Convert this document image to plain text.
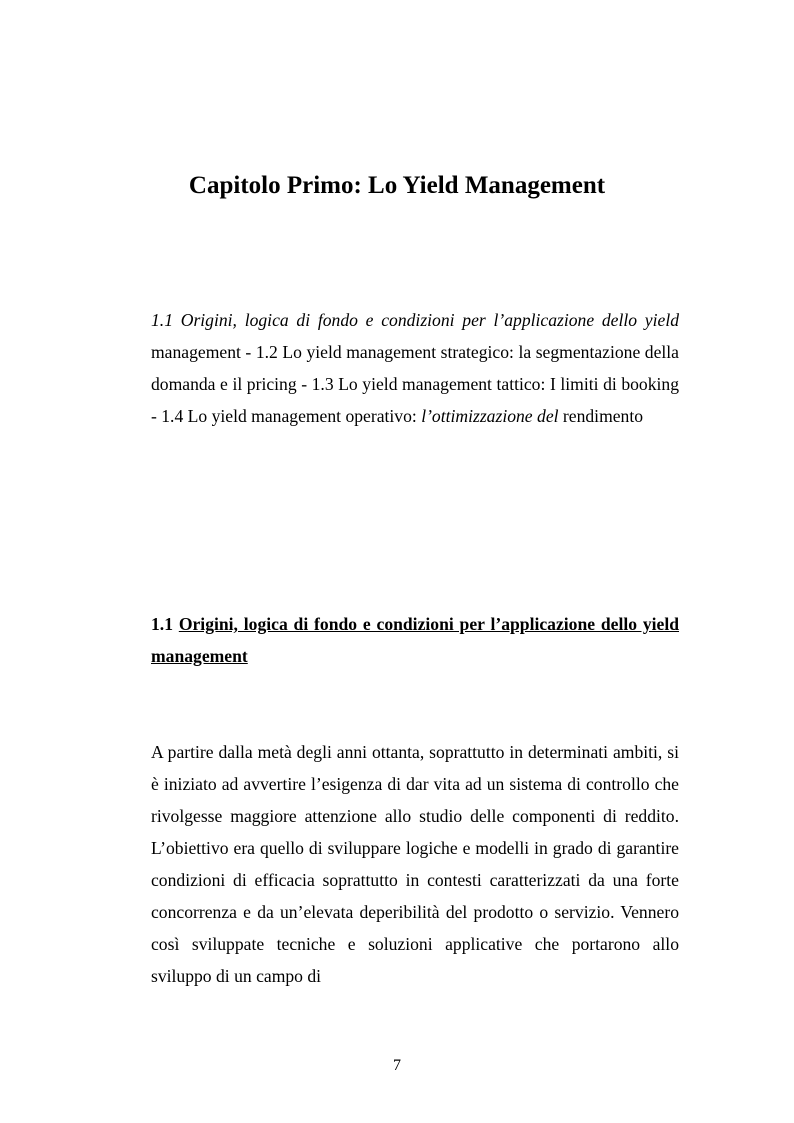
Capitolo Primo: Lo Yield Management

1.1 Origini, logica di fondo e condizioni per l’applicazione dello yield management - 1.2 Lo yield management strategico: la segmentazione della domanda e il pricing - 1.3 Lo yield management tattico: I limiti di booking - 1.4 Lo yield management operativo: l’ottimizzazione del rendimento

1.1 Origini, logica di fondo e condizioni per l’applicazione dello yield management

A partire dalla metà degli anni ottanta, soprattutto in determinati ambiti, si è iniziato ad avvertire l’esigenza di dar vita ad un sistema di controllo che rivolgesse maggiore attenzione allo studio delle componenti di reddito. L’obiettivo era quello di sviluppare logiche e modelli in grado di garantire condizioni di efficacia soprattutto in contesti caratterizzati da una forte concorrenza e da un’elevata deperibilità del prodotto o servizio. Vennero così sviluppate tecniche e soluzioni applicative che portarono allo sviluppo di un campo di

7
